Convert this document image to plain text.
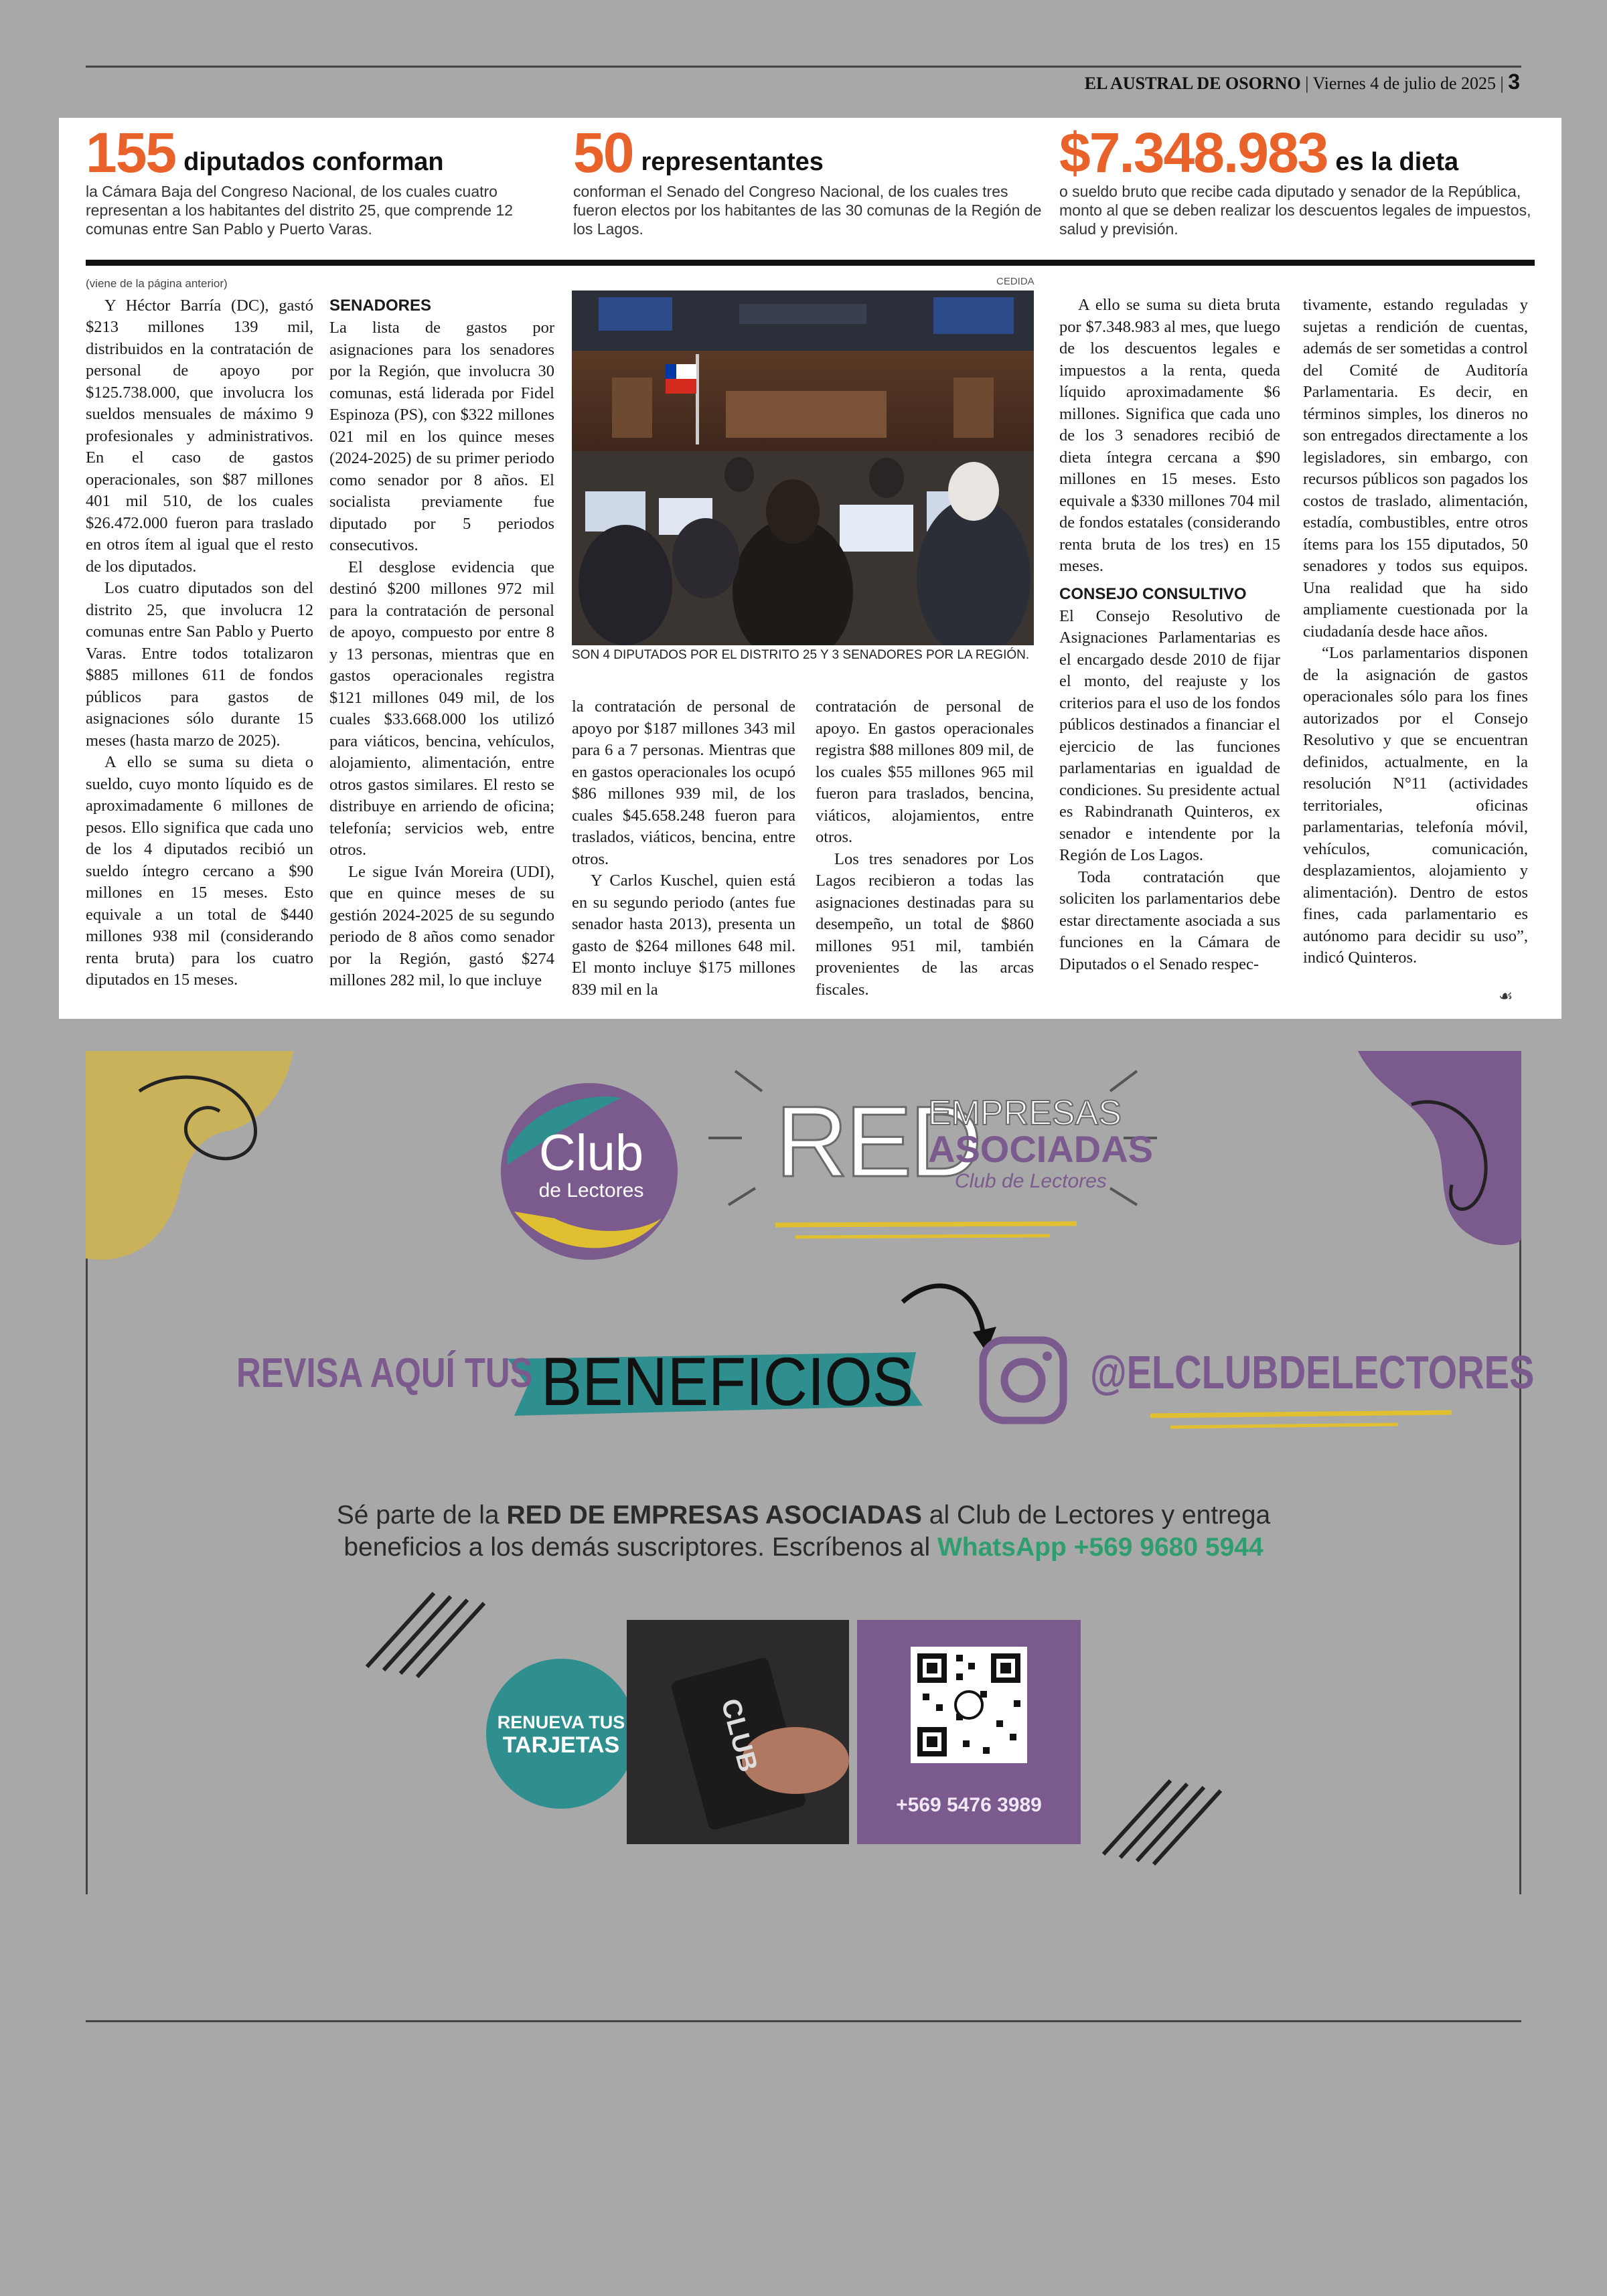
EL AUSTRAL DE OSORNO | Viernes 4 de julio de 2025 | 3
155 diputados conforman
la Cámara Baja del Congreso Nacional, de los cuales cuatro representan a los habitantes del distrito 25, que comprende 12 comunas entre San Pablo y Puerto Varas.
50 representantes
conforman el Senado del Congreso Nacional, de los cuales tres fueron electos por los habitantes de las 30 comunas de la Región de los Lagos.
$7.348.983 es la dieta
o sueldo bruto que recibe cada diputado y senador de la República, monto al que se deben realizar los descuentos legales de impuestos, salud y previsión.
(viene de la página anterior)

Y Héctor Barría (DC), gastó $213 millones 139 mil, distribuidos en la contratación de personal de apoyo por $125.738.000, que involucra los sueldos mensuales de máximo 9 profesionales y administrativos. En el caso de gastos operacionales, son $87 millones 401 mil 510, de los cuales $26.472.000 fueron para traslado en otros ítem al igual que el resto de los diputados.

Los cuatro diputados son del distrito 25, que involucra 12 comunas entre San Pablo y Puerto Varas. Entre todos totalizaron $885 millones 611 de fondos públicos para gastos de asignaciones sólo durante 15 meses (hasta marzo de 2025).

A ello se suma su dieta o sueldo, cuyo monto líquido es de aproximadamente 6 millones de pesos. Ello significa que cada uno de los 4 diputados recibió un sueldo íntegro cercano a $90 millones en 15 meses. Esto equivale a un total de $440 millones 938 mil (considerando renta bruta) para los cuatro diputados en 15 meses.

SENADORES

La lista de gastos por asignaciones para los senadores por la Región, que involucra 30 comunas, está liderada por Fidel Espinoza (PS), con $322 millones 021 mil en los quince meses (2024-2025) de su primer periodo como senador por 8 años. El socialista previamente fue diputado por 5 periodos consecutivos.

El desglose evidencia que destinó $200 millones 972 mil para la contratación de personal de apoyo, compuesto por entre 8 y 13 personas, mientras que en gastos operacionales registra $121 millones 049 mil, de los cuales $33.668.000 los utilizó para viáticos, bencina, vehículos, alojamiento, alimentación, entre otros gastos similares. El resto se distribuye en arriendo de oficina; telefonía; servicios web, entre otros.

Le sigue Iván Moreira (UDI), que en quince meses de su gestión 2024-2025 de su segundo periodo de 8 años como senador por la Región, gastó $274 millones 282 mil, lo que incluye

CEDIDA
SON 4 DIPUTADOS POR EL DISTRITO 25 Y 3 SENADORES POR LA REGIÓN.

la contratación de personal de apoyo por $187 millones 343 mil para 6 a 7 personas. Mientras que en gastos operacionales los ocupó $86 millones 939 mil, de los cuales $45.658.248 fueron para traslados, viáticos, bencina, entre otros.

Y Carlos Kuschel, quien está en su segundo periodo (antes fue senador hasta 2013), presenta un gasto de $264 millones 648 mil. El monto incluye $175 millones 839 mil en la

contratación de personal de apoyo. En gastos operacionales registra $88 millones 809 mil, de los cuales $55 millones 965 mil fueron para traslados, bencina, viáticos, alojamientos, entre otros.

Los tres senadores por Los Lagos recibieron a todas las asignaciones destinadas para su desempeño, un total de $860 millones 951 mil, también provenientes de las arcas fiscales.

A ello se suma su dieta bruta por $7.348.983 al mes, que luego de los descuentos legales e impuestos a la renta, queda líquido aproximadamente $6 millones. Significa que cada uno de los 3 senadores recibió de dieta íntegra cercana a $90 millones en 15 meses. Esto equivale a $330 millones 704 mil de fondos estatales (considerando renta bruta de los tres) en 15 meses.

CONSEJO CONSULTIVO

El Consejo Resolutivo de Asignaciones Parlamentarias es el encargado desde 2010 de fijar el monto, del reajuste y los criterios para el uso de los fondos públicos destinados a financiar el ejercicio de las funciones parlamentarias en igualdad de condiciones. Su presidente actual es Rabindranath Quinteros, ex senador e intendente por la Región de Los Lagos.

Toda contratación que soliciten los parlamentarios debe estar directamente asociada a sus funciones en la Cámara de Diputados o el Senado respec-

tivamente, estando reguladas y sujetas a rendición de cuentas, además de ser sometidas a control del Comité de Auditoría Parlamentaria. Es decir, en términos simples, los dineros no son entregados directamente a los legisladores, sin embargo, con recursos públicos son pagados los costos de traslado, alimentación, estadía, combustibles, entre otros ítems para los 155 diputados, 50 senadores y todos sus equipos. Una realidad que ha sido ampliamente cuestionada por la ciudadanía desde hace años.

“Los parlamentarios disponen de la asignación de gastos operacionales sólo para los fines autorizados por el Consejo Resolutivo y que se encuentran definidos, actualmente, en la resolución N°11 (actividades territoriales, oficinas parlamentarias, telefonía móvil, vehículos, comunicación, desplazamientos, alojamiento y alimentación). Dentro de estos fines, cada parlamentario es autónomo para decidir su uso”, indicó Quinteros.

☙
Club
de Lectores RED
EMPRESAS
ASOCIADAS
Club de Lectores
REVISA AQUÍ TUS BENEFICIOS	@ELCLUBDELECTORES
Sé parte de la RED DE EMPRESAS ASOCIADAS al Club de Lectores y entrega
beneficios a los demás suscriptores. Escríbenos al WhatsApp +569 9680 5944
RENUEVA TUS
TARJETAS	CLUB
+569 5476 3989
